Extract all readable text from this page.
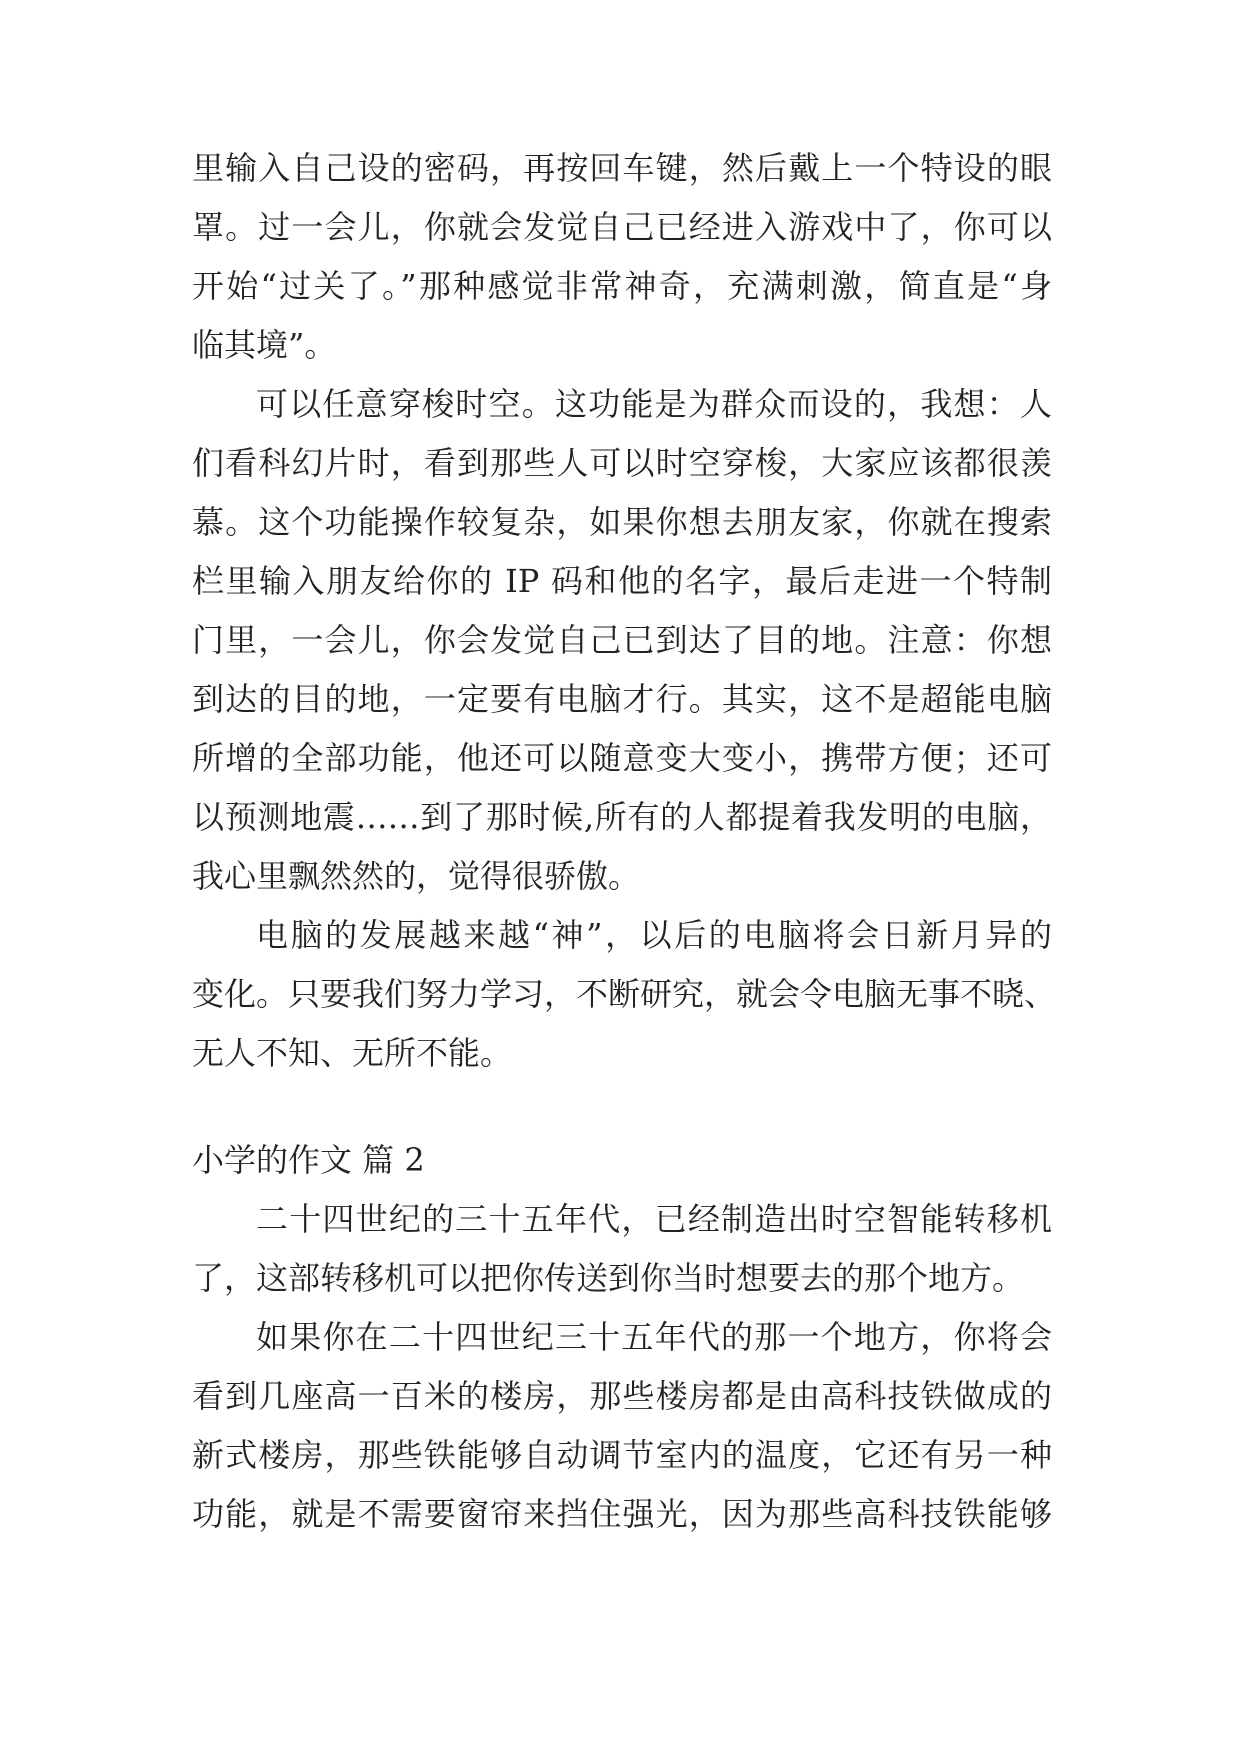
里输入自己设的密码，再按回车键，然后戴上一个特设的眼
罩。过一会儿，你就会发觉自己已经进入游戏中了，你可以
开始“过关了。”那种感觉非常神奇，充满刺激，简直是“身
临其境”。
可以任意穿梭时空。这功能是为群众而设的，我想：人
们看科幻片时，看到那些人可以时空穿梭，大家应该都很羡
慕。这个功能操作较复杂，如果你想去朋友家，你就在搜索
栏里输入朋友给你的 IP 码和他的名字，最后走进一个特制
门里，一会儿，你会发觉自己已到达了目的地。注意：你想
到达的目的地，一定要有电脑才行。其实，这不是超能电脑
所增的全部功能，他还可以随意变大变小，携带方便；还可
以预测地震……到了那时候,所有的人都提着我发明的电脑，
我心里飘然然的，觉得很骄傲。
电脑的发展越来越“神”，以后的电脑将会日新月异的
变化。只要我们努力学习，不断研究，就会令电脑无事不晓、
无人不知、无所不能。
小学的作文 篇 2
二十四世纪的三十五年代，已经制造出时空智能转移机
了，这部转移机可以把你传送到你当时想要去的那个地方。
如果你在二十四世纪三十五年代的那一个地方，你将会
看到几座高一百米的楼房，那些楼房都是由高科技铁做成的
新式楼房，那些铁能够自动调节室内的温度，它还有另一种
功能，就是不需要窗帘来挡住强光，因为那些高科技铁能够
